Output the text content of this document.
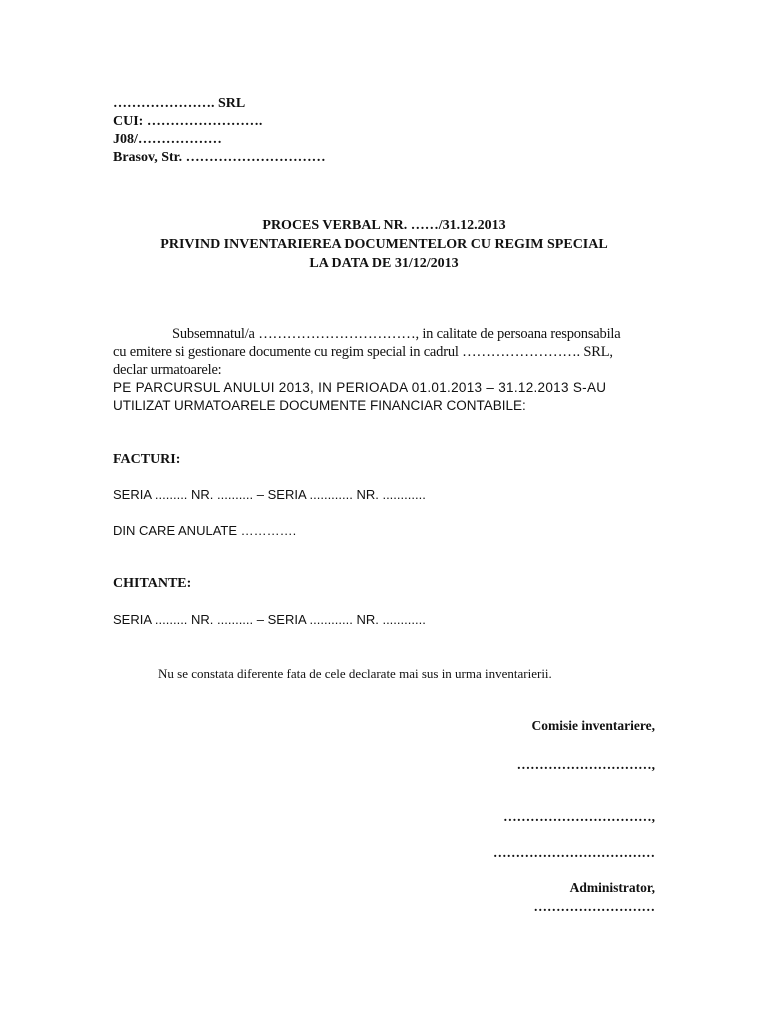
…………………. SRL
CUI: …………………….
J08/………………
Brasov, Str. …………………………
PROCES VERBAL NR. ……/31.12.2013
PRIVIND INVENTARIEREA DOCUMENTELOR CU REGIM SPECIAL
LA DATA DE 31/12/2013
Subsemnatul/a ……………………………, in calitate de persoana responsabila
cu emitere si gestionare documente cu regim special in cadrul ……………………. SRL,
declar urmatoarele:
PE PARCURSUL ANULUI 2013, IN PERIOADA 01.01.2013 – 31.12.2013 S-AU
UTILIZAT URMATOARELE DOCUMENTE FINANCIAR CONTABILE:
FACTURI:
SERIA ......... NR. .......... – SERIA ............ NR. ............
DIN CARE ANULATE ………….
CHITANTE:
SERIA ......... NR. .......... – SERIA ............ NR. ............
Nu se constata diferente fata de cele declarate mai sus in urma inventarierii.
Comisie inventariere,
…………………………,
……………………………,
………………………………
Administrator,
………………………
